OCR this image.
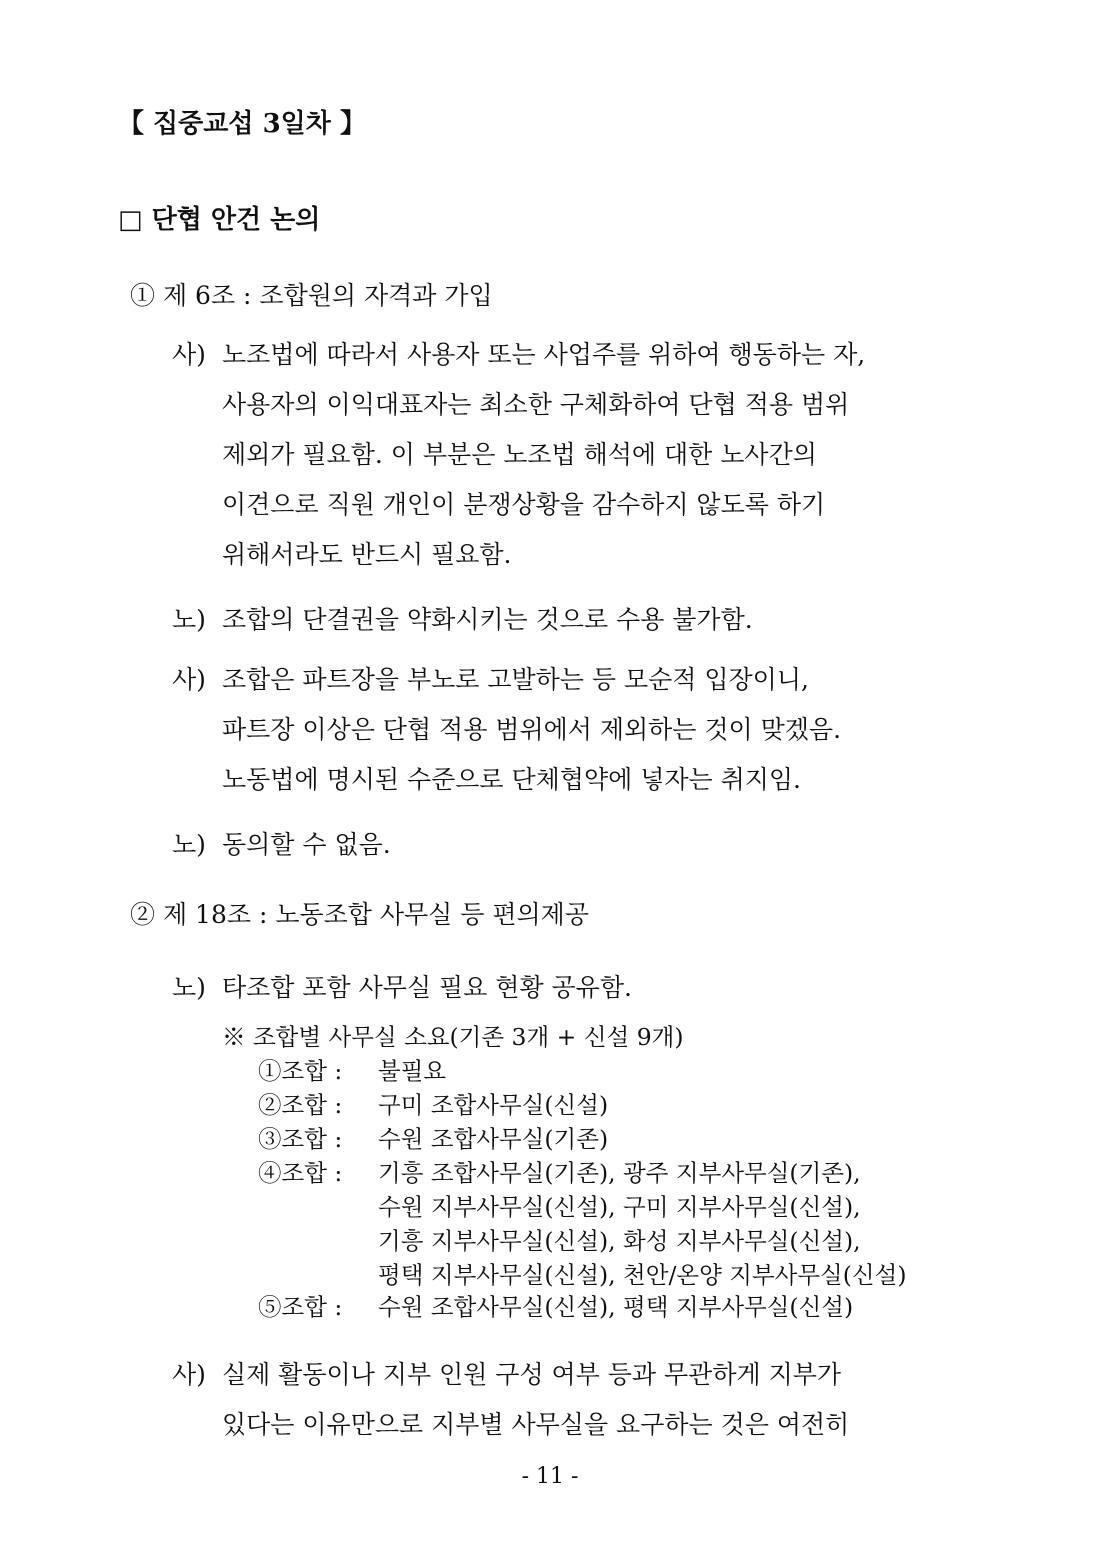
【 집중교섭 3일차 】
□ 단협 안건 논의
① 제 6조 : 조합원의 자격과 가입
사) 노조법에 따라서 사용자 또는 사업주를 위하여 행동하는 자,
사용자의 이익대표자는 최소한 구체화하여 단협 적용 범위
제외가 필요함. 이 부분은 노조법 해석에 대한 노사간의
이견으로 직원 개인이 분쟁상황을 감수하지 않도록 하기
위해서라도 반드시 필요함.
노) 조합의 단결권을 약화시키는 것으로 수용 불가함.
사) 조합은 파트장을 부노로 고발하는 등 모순적 입장이니,
파트장 이상은 단협 적용 범위에서 제외하는 것이 맞겠음.
노동법에 명시된 수준으로 단체협약에 넣자는 취지임.
노) 동의할 수 없음.
② 제 18조 : 노동조합 사무실 등 편의제공
노) 타조합 포함 사무실 필요 현황 공유함.
※ 조합별 사무실 소요(기존 3개 + 신설 9개)
①조합 : 불필요
②조합 : 구미 조합사무실(신설)
③조합 : 수원 조합사무실(기존)
④조합 : 기흥 조합사무실(기존), 광주 지부사무실(기존),
수원 지부사무실(신설), 구미 지부사무실(신설),
기흥 지부사무실(신설), 화성 지부사무실(신설),
평택 지부사무실(신설), 천안/온양 지부사무실(신설)
⑤조합 : 수원 조합사무실(신설), 평택 지부사무실(신설)
사) 실제 활동이나 지부 인원 구성 여부 등과 무관하게 지부가
있다는 이유만으로 지부별 사무실을 요구하는 것은 여전히
- 11 -
